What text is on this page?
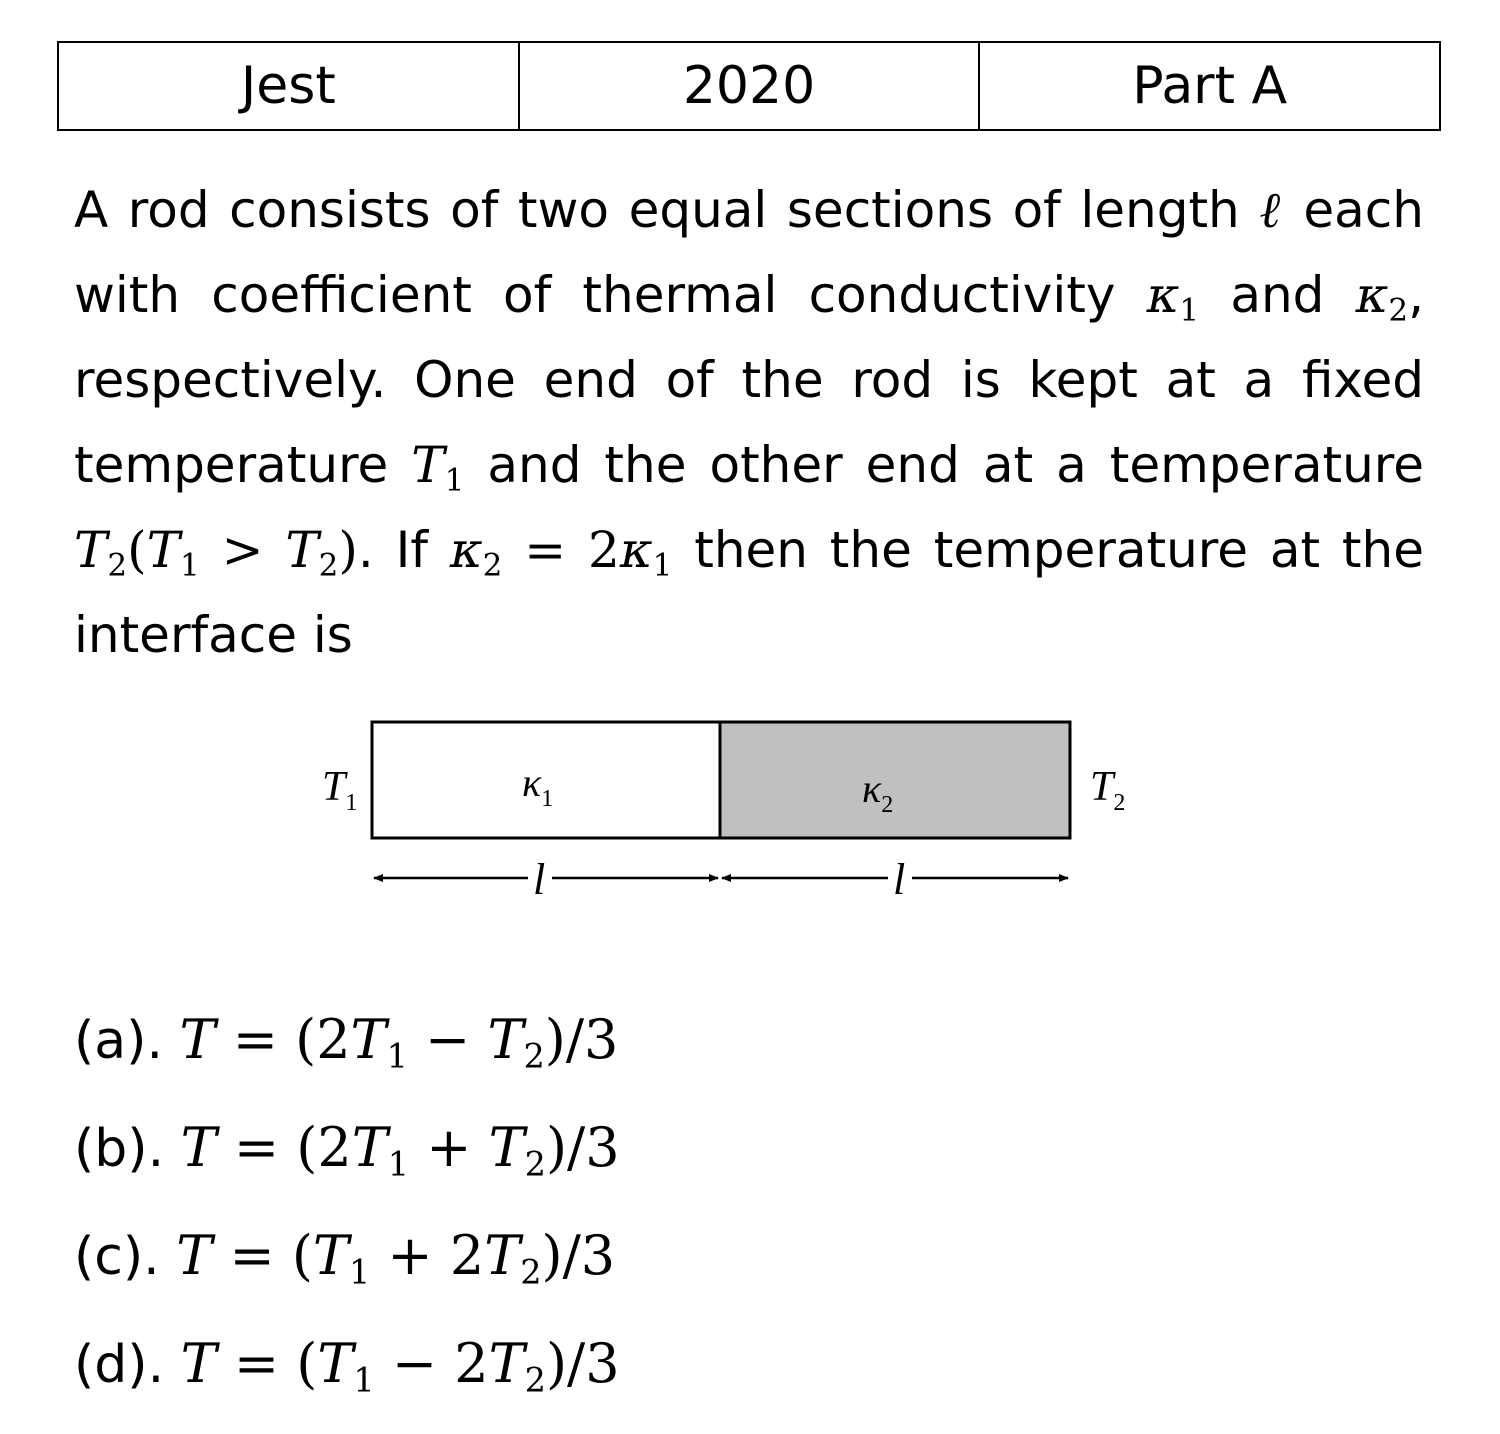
Jest	2020	Part A

A rod consists of two equal sections of length ℓ each with coefficient of thermal conductivity $\kappa_1$ and $\kappa_2$, respectively. One end of the rod is kept at a fixed temperature $T_1$ and the other end at a temperature $T_2(T_1 > T_2)$. If $\kappa_2 = 2\kappa_1$ then the temperature at the interface is

$T_1$	$T_2$
$\kappa_1$	$\kappa_2$
l	l
(a). $T = (2T_1 - T_2)/3$
(b). $T = (2T_1 + T_2)/3$
(c). $T = (T_1 + 2T_2)/3$
(d). $T = (T_1 - 2T_2)/3$
